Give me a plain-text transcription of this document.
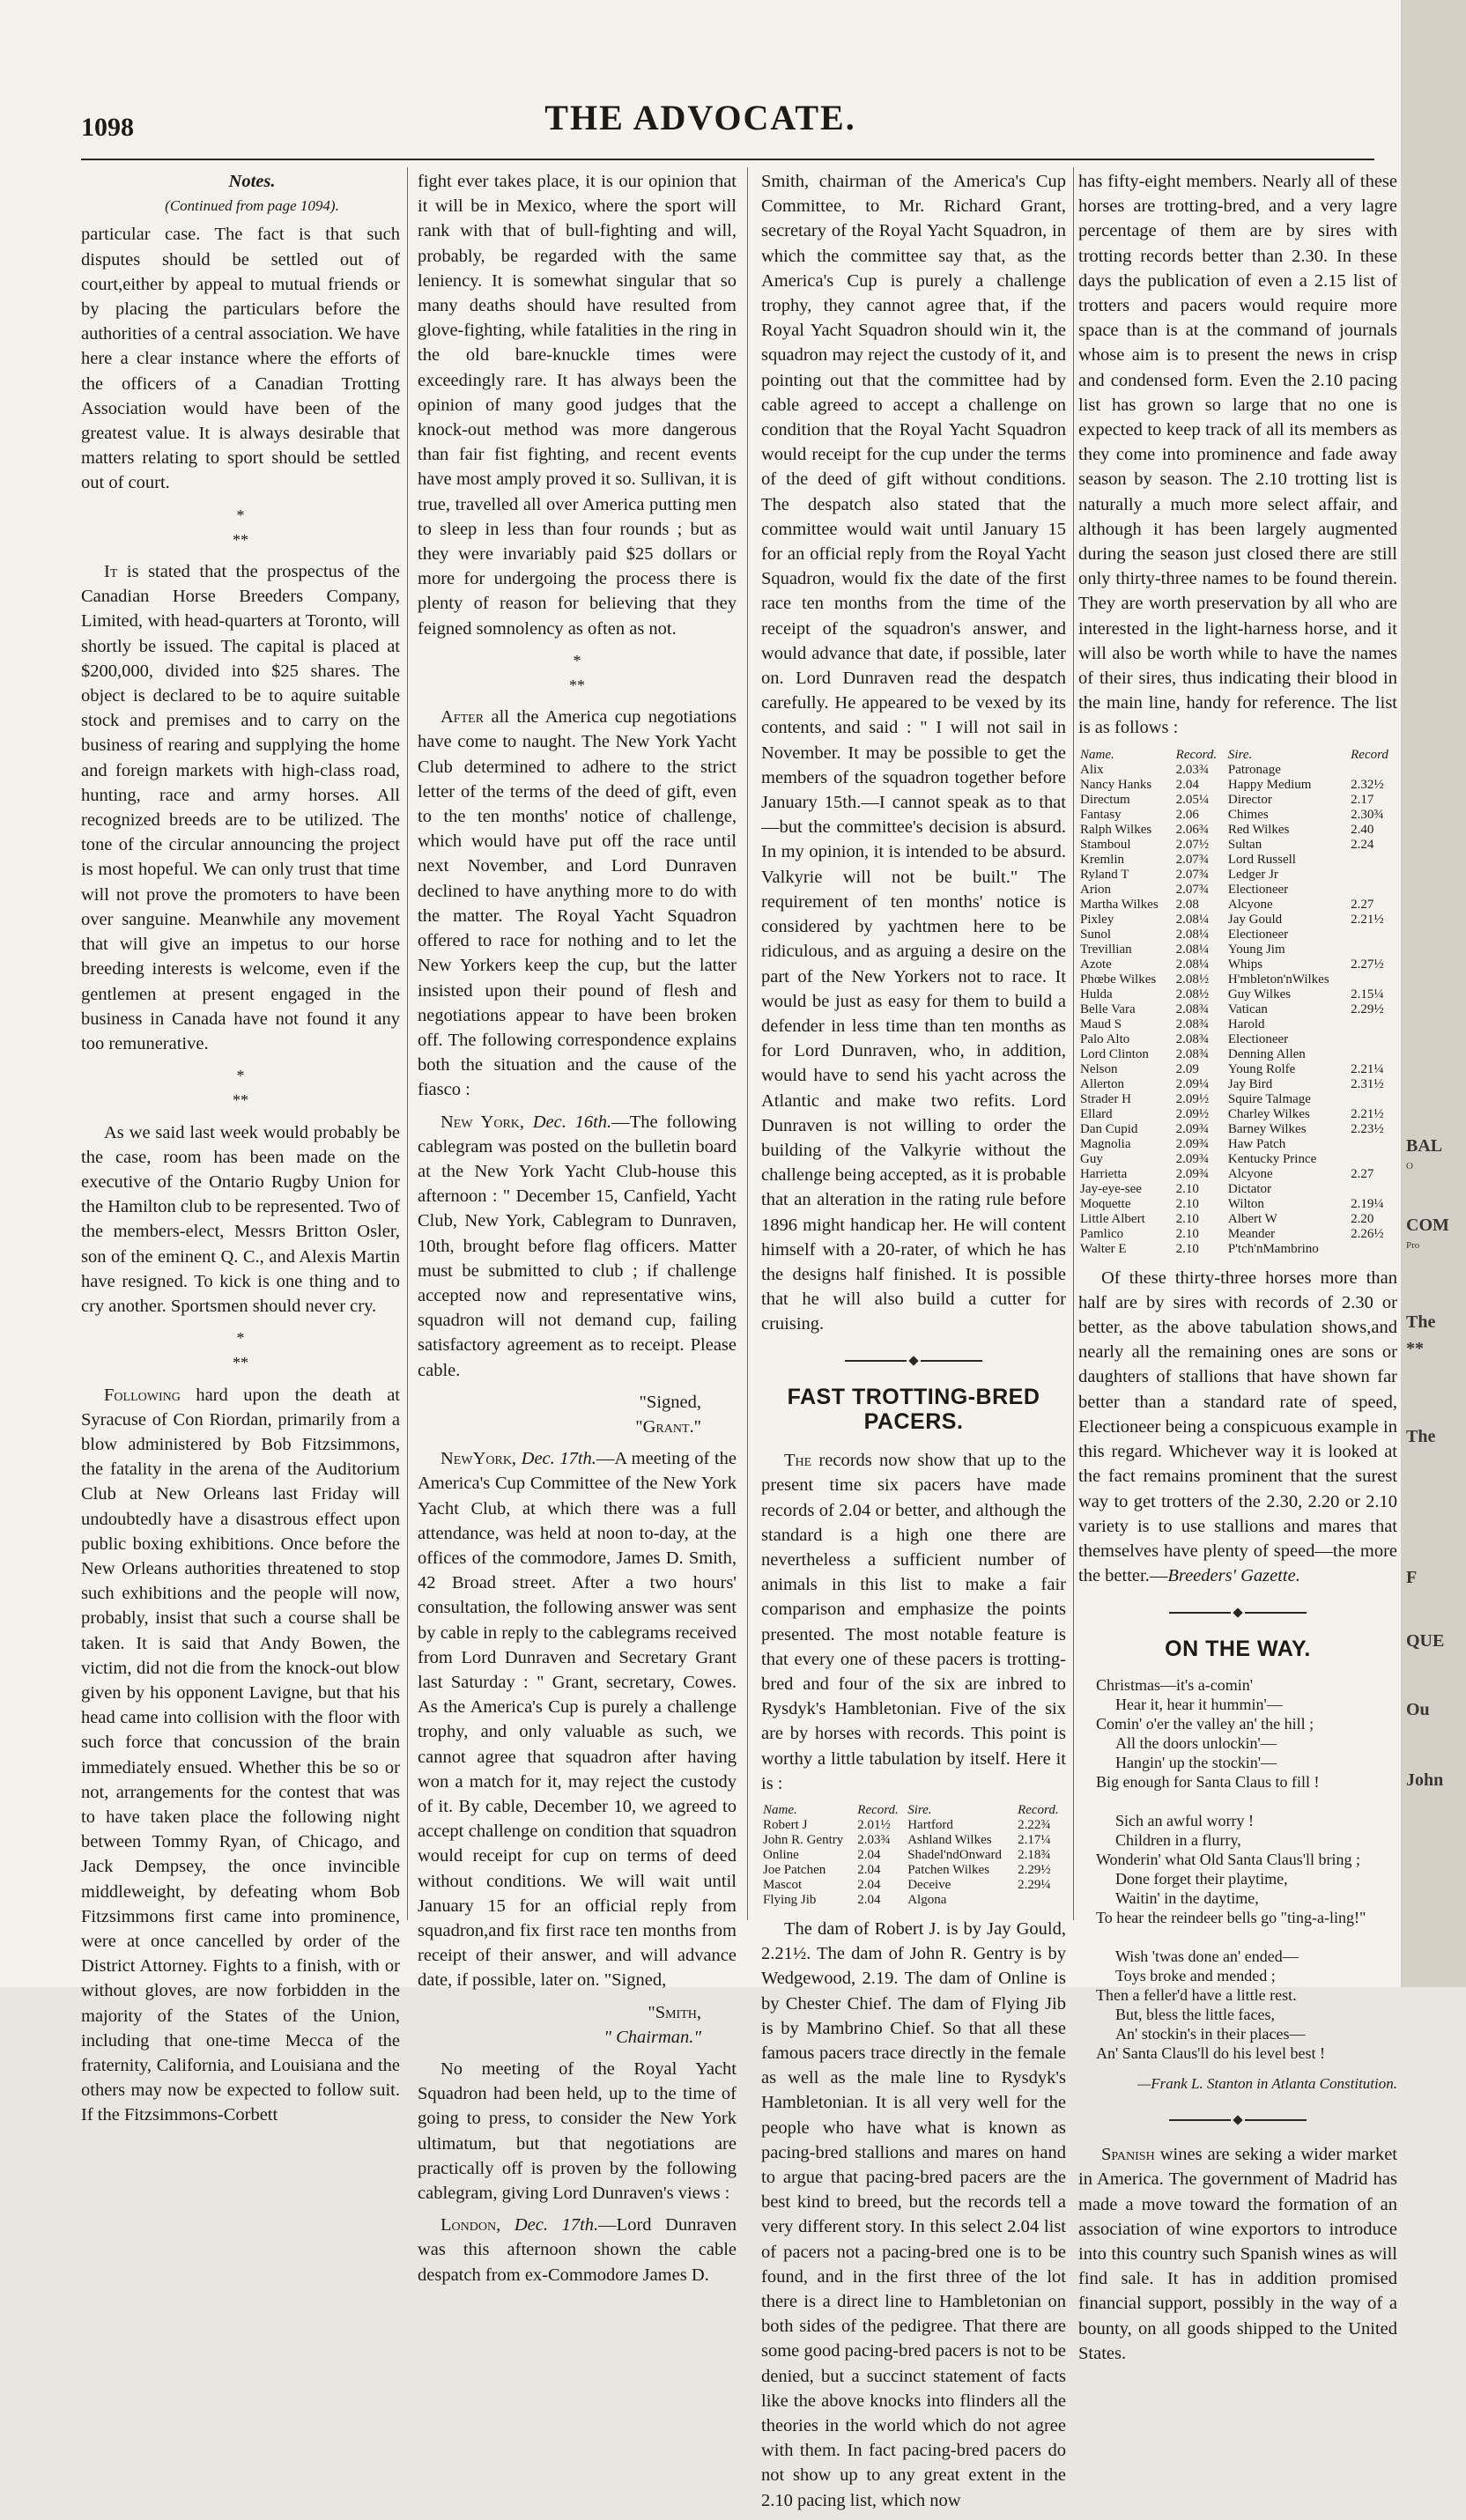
1098	THE ADVOCATE.

Notes.

(Continued from page 1094).

particular case. The fact is that such disputes should be settled out of court,either by appeal to mutual friends or by placing the particulars before the authorities of a central association. We have here a clear instance where the efforts of the officers of a Canadian Trotting Association would have been of the greatest value. It is always desirable that matters relating to sport should be settled out of court.

*
**

It is stated that the prospectus of the Canadian Horse Breeders Company, Limited, with head-quarters at Toronto, will shortly be issued. The capital is placed at $200,000, divided into $25 shares. The object is declared to be to aquire suitable stock and premises and to carry on the business of rearing and supplying the home and foreign markets with high-class road, hunting, race and army horses. All recognized breeds are to be utilized. The tone of the circular announcing the project is most hopeful. We can only trust that time will not prove the promoters to have been over sanguine. Meanwhile any movement that will give an impetus to our horse breeding interests is welcome, even if the gentlemen at present engaged in the business in Canada have not found it any too remunerative.

*
**

As we said last week would probably be the case, room has been made on the executive of the Ontario Rugby Union for the Hamilton club to be represented. Two of the members-elect, Messrs Britton Osler, son of the eminent Q. C., and Alexis Martin have resigned. To kick is one thing and to cry another. Sportsmen should never cry.

*
**

Following hard upon the death at Syracuse of Con Riordan, primarily from a blow administered by Bob Fitzsimmons, the fatality in the arena of the Auditorium Club at New Orleans last Friday will undoubtedly have a disastrous effect upon public boxing exhibitions. Once before the New Orleans authorities threatened to stop such exhibitions and the people will now, probably, insist that such a course shall be taken. It is said that Andy Bowen, the victim, did not die from the knock-out blow given by his opponent Lavigne, but that his head came into collision with the floor with such force that concussion of the brain immediately ensued. Whether this be so or not, arrangements for the contest that was to have taken place the following night between Tommy Ryan, of Chicago, and Jack Dempsey, the once invincible middleweight, by defeating whom Bob Fitzsimmons first came into prominence, were at once cancelled by order of the District Attorney. Fights to a finish, with or without gloves, are now forbidden in the majority of the States of the Union, including that one-time Mecca of the fraternity, California, and Louisiana and the others may now be expected to follow suit. If the Fitzsimmons-Corbett

fight ever takes place, it is our opinion that it will be in Mexico, where the sport will rank with that of bull-fighting and will, probably, be regarded with the same leniency. It is somewhat singular that so many deaths should have resulted from glove-fighting, while fatalities in the ring in the old bare-knuckle times were exceedingly rare. It has always been the opinion of many good judges that the knock-out method was more dangerous than fair fist fighting, and recent events have most amply proved it so. Sullivan, it is true, travelled all over America putting men to sleep in less than four rounds ; but as they were invariably paid $25 dollars or more for undergoing the process there is plenty of reason for believing that they feigned somnolency as often as not.

*
**

After all the America cup negotiations have come to naught. The New York Yacht Club determined to adhere to the strict letter of the terms of the deed of gift, even to the ten months' notice of challenge, which would have put off the race until next November, and Lord Dunraven declined to have anything more to do with the matter. The Royal Yacht Squadron offered to race for nothing and to let the New Yorkers keep the cup, but the latter insisted upon their pound of flesh and negotiations appear to have been broken off. The following correspondence explains both the situation and the cause of the fiasco :

New York, Dec. 16th.—The following cablegram was posted on the bulletin board at the New York Yacht Club-house this afternoon : " December 15, Canfield, Yacht Club, New York, Cablegram to Dunraven, 10th, brought before flag officers. Matter must be submitted to club ; if challenge accepted now and representative wins, squadron will not demand cup, failing satisfactory agreement as to receipt. Please cable.

"Signed,

"Grant."

NewYork, Dec. 17th.—A meeting of the America's Cup Committee of the New York Yacht Club, at which there was a full attendance, was held at noon to-day, at the offices of the commodore, James D. Smith, 42 Broad street. After a two hours' consultation, the following answer was sent by cable in reply to the cablegrams received from Lord Dunraven and Secretary Grant last Saturday : " Grant, secretary, Cowes. As the America's Cup is purely a challenge trophy, and only valuable as such, we cannot agree that squadron after having won a match for it, may reject the custody of it. By cable, December 10, we agreed to accept challenge on condition that squadron would receipt for cup on terms of deed without conditions. We will wait until January 15 for an official reply from squadron,and fix first race ten months from receipt of their answer, and will advance date, if possible, later on. "Signed,

"Smith,

" Chairman."

No meeting of the Royal Yacht Squadron had been held, up to the time of going to press, to consider the New York ultimatum, but that negotiations are practically off is proven by the following cablegram, giving Lord Dunraven's views :

London, Dec. 17th.—Lord Dunraven was this afternoon shown the cable despatch from ex-Commodore James D.

Smith, chairman of the America's Cup Committee, to Mr. Richard Grant, secretary of the Royal Yacht Squadron, in which the committee say that, as the America's Cup is purely a challenge trophy, they cannot agree that, if the Royal Yacht Squadron should win it, the squadron may reject the custody of it, and pointing out that the committee had by cable agreed to accept a challenge on condition that the Royal Yacht Squadron would receipt for the cup under the terms of the deed of gift without conditions. The despatch also stated that the committee would wait until January 15 for an official reply from the Royal Yacht Squadron, would fix the date of the first race ten months from the time of the receipt of the squadron's answer, and would advance that date, if possible, later on. Lord Dunraven read the despatch carefully. He appeared to be vexed by its contents, and said : " I will not sail in November. It may be possible to get the members of the squadron together before January 15th.—I cannot speak as to that —but the committee's decision is absurd. In my opinion, it is intended to be absurd. Valkyrie will not be built." The requirement of ten months' notice is considered by yachtmen here to be ridiculous, and as arguing a desire on the part of the New Yorkers not to race. It would be just as easy for them to build a defender in less time than ten months as for Lord Dunraven, who, in addition, would have to send his yacht across the Atlantic and make two refits. Lord Dunraven is not willing to order the building of the Valkyrie without the challenge being accepted, as it is probable that an alteration in the rating rule before 1896 might handicap her. He will content himself with a 20-rater, of which he has the designs half finished. It is possible that he will also build a cutter for cruising.

FAST TROTTING-BRED PACERS.

The records now show that up to the present time six pacers have made records of 2.04 or better, and although the standard is a high one there are nevertheless a sufficient number of animals in this list to make a fair comparison and emphasize the points presented. The most notable feature is that every one of these pacers is trotting-bred and four of the six are inbred to Rysdyk's Hambletonian. Five of the six are by horses with records. This point is worthy a little tabulation by itself. Here it is :

Name.	Record.	Sire.	Record.
Robert J	2.01½	Hartford	2.22¾
John R. Gentry	2.03¾	Ashland Wilkes	2.17¼
Online	2.04	Shadel'ndOnward	2.18¾
Joe Patchen	2.04	Patchen Wilkes	2.29½
Mascot	2.04	Deceive	2.29¼
Flying Jib	2.04	Algona	

The dam of Robert J. is by Jay Gould, 2.21½. The dam of John R. Gentry is by Wedgewood, 2.19. The dam of Online is by Chester Chief. The dam of Flying Jib is by Mambrino Chief. So that all these famous pacers trace directly in the female as well as the male line to Rysdyk's Hambletonian. It is all very well for the people who have what is known as pacing-bred stallions and mares on hand to argue that pacing-bred pacers are the best kind to breed, but the records tell a very different story. In this select 2.04 list of pacers not a pacing-bred one is to be found, and in the first three of the lot there is a direct line to Hambletonian on both sides of the pedigree. That there are some good pacing-bred pacers is not to be denied, but a succinct statement of facts like the above knocks into flinders all the theories in the world which do not agree with them. In fact pacing-bred pacers do not show up to any great extent in the 2.10 pacing list, which now

has fifty-eight members. Nearly all of these horses are trotting-bred, and a very lagre percentage of them are by sires with trotting records better than 2.30. In these days the publication of even a 2.15 list of trotters and pacers would require more space than is at the command of journals whose aim is to present the news in crisp and condensed form. Even the 2.10 pacing list has grown so large that no one is expected to keep track of all its members as they come into prominence and fade away season by season. The 2.10 trotting list is naturally a much more select affair, and although it has been largely augmented during the season just closed there are still only thirty-three names to be found therein. They are worth preservation by all who are interested in the light-harness horse, and it will also be worth while to have the names of their sires, thus indicating their blood in the main line, handy for reference. The list is as follows :

Name.	Record.	Sire.	Record
Alix	2.03¾	Patronage	
Nancy Hanks	2.04	Happy Medium	2.32½
Directum	2.05¼	Director	2.17
Fantasy	2.06	Chimes	2.30¾
Ralph Wilkes	2.06¾	Red Wilkes	2.40
Stamboul	2.07½	Sultan	2.24
Kremlin	2.07¾	Lord Russell	
Ryland T	2.07¾	Ledger Jr	
Arion	2.07¾	Electioneer	
Martha Wilkes	2.08	Alcyone	2.27
Pixley	2.08¼	Jay Gould	2.21½
Sunol	2.08¼	Electioneer	
Trevillian	2.08¼	Young Jim	
Azote	2.08¼	Whips	2.27½
Phœbe Wilkes	2.08½	H'mbleton'nWilkes	
Hulda	2.08½	Guy Wilkes	2.15¼
Belle Vara	2.08¾	Vatican	2.29½
Maud S	2.08¾	Harold	
Palo Alto	2.08¾	Electioneer	
Lord Clinton	2.08¾	Denning Allen	
Nelson	2.09	Young Rolfe	2.21¼
Allerton	2.09¼	Jay Bird	2.31½
Strader H	2.09½	Squire Talmage	
Ellard	2.09½	Charley Wilkes	2.21½
Dan Cupid	2.09¾	Barney Wilkes	2.23½
Magnolia	2.09¾	Haw Patch	
Guy	2.09¾	Kentucky Prince	
Harrietta	2.09¾	Alcyone	2.27
Jay-eye-see	2.10	Dictator	
Moquette	2.10	Wilton	2.19¼
Little Albert	2.10	Albert W	2.20
Pamlico	2.10	Meander	2.26½
Walter E	2.10	P'tch'nMambrino	

Of these thirty-three horses more than half are by sires with records of 2.30 or better, as the above tabulation shows,and nearly all the remaining ones are sons or daughters of stallions that have shown far better than a standard rate of speed, Electioneer being a conspicuous example in this regard. Whichever way it is looked at the fact remains prominent that the surest way to get trotters of the 2.30, 2.20 or 2.10 variety is to use stallions and mares that themselves have plenty of speed—the more the better.—Breeders' Gazette.

ON THE WAY.
Christmas—it's a-comin'
Hear it, hear it hummin'—
Comin' o'er the valley an' the hill ;
All the doors unlockin'—
Hangin' up the stockin'—
Big enough for Santa Claus to fill !

Sich an awful worry !
Children in a flurry,
Wonderin' what Old Santa Claus'll bring ;
Done forget their playtime,
Waitin' in the daytime,
To hear the reindeer bells go "ting-a-ling!"

Wish 'twas done an' ended—
Toys broke and mended ;
Then a feller'd have a little rest.
But, bless the little faces,
An' stockin's in their places—
An' Santa Claus'll do his level best !
—Frank L. Stanton in Atlanta Constitution.

Spanish wines are seking a wider market in America. The government of Madrid has made a move toward the formation of an association of wine exportors to introduce into this country such Spanish wines as will find sale. It has in addition promised financial support, possibly in the way of a bounty, on all goods shipped to the United States.

BAL
O
COM
Pro
The
**
The
F
QUE
Ou
John
